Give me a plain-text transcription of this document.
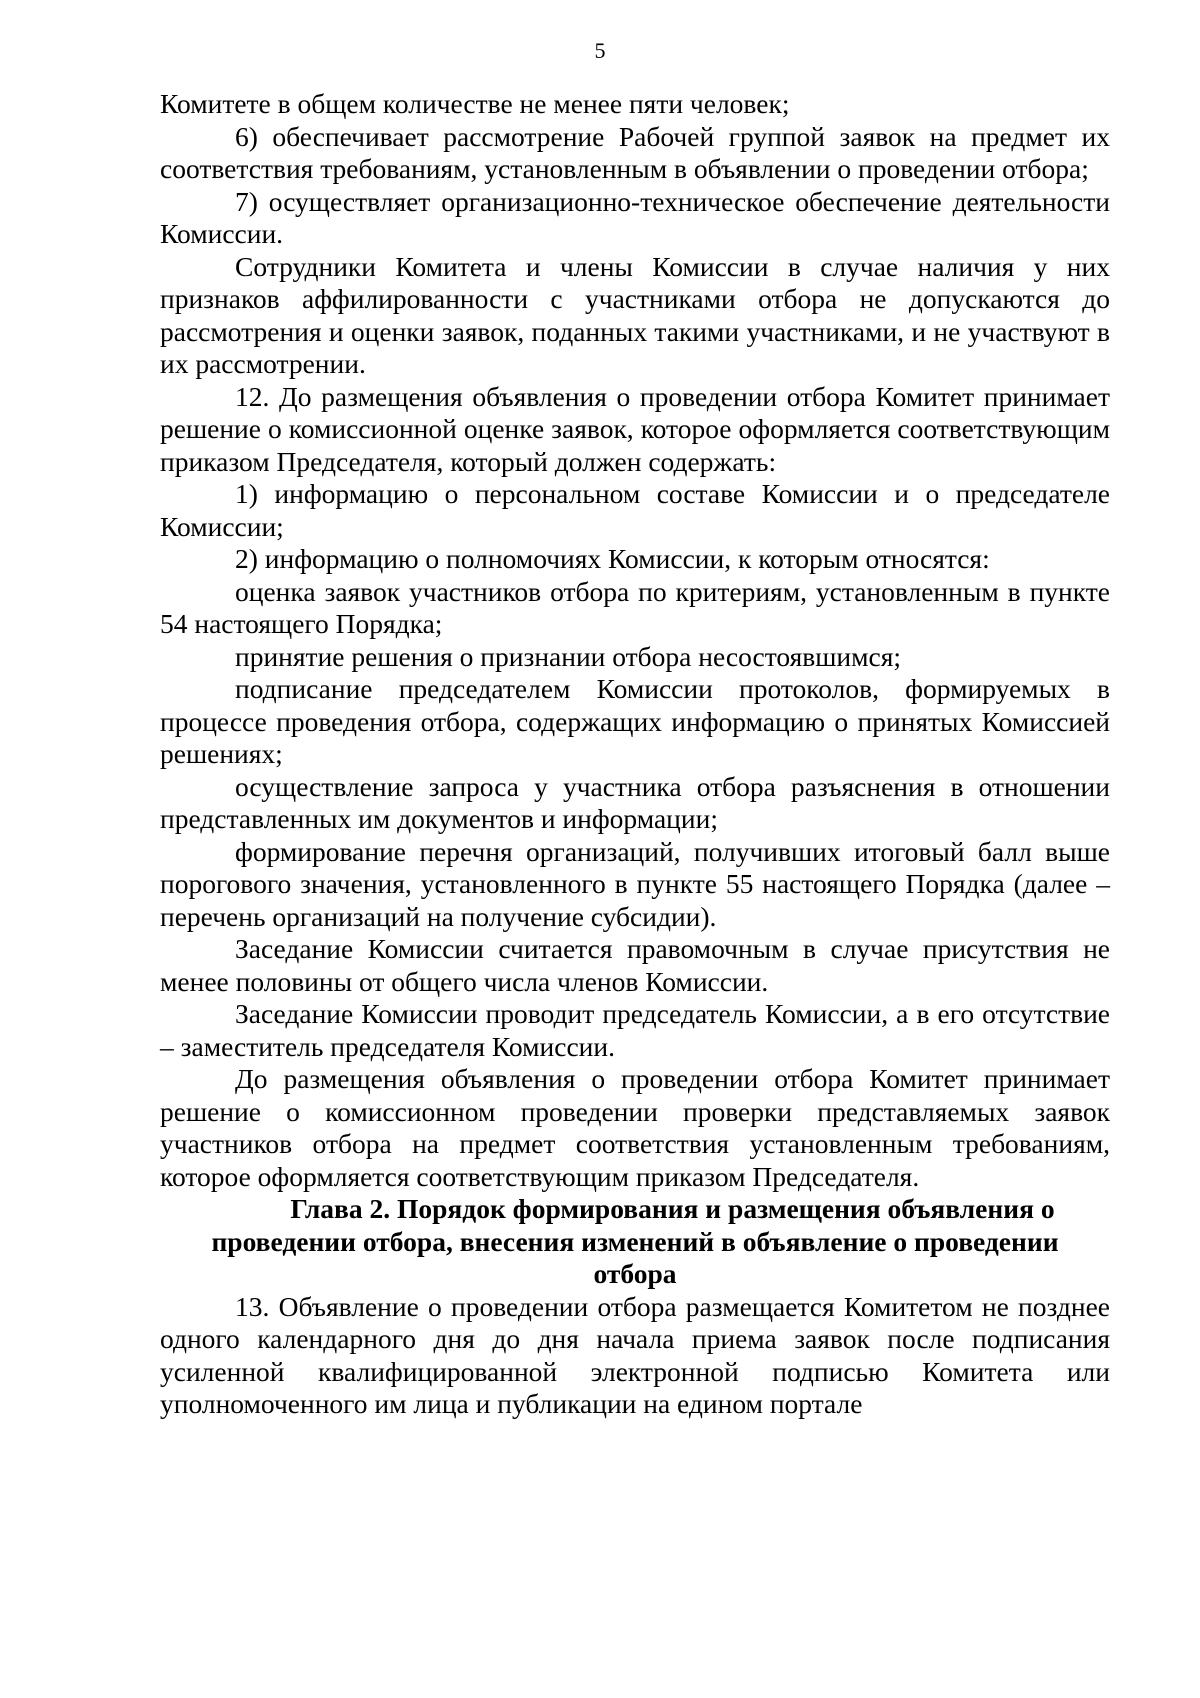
5

Комитете в общем количестве не менее пяти человек;

6) обеспечивает рассмотрение Рабочей группой заявок на предмет их соответствия требованиям, установленным в объявлении о проведении отбора;

7) осуществляет организационно-техническое обеспечение деятельности Комиссии.

Сотрудники Комитета и члены Комиссии в случае наличия у них признаков аффилированности с участниками отбора не допускаются до рассмотрения и оценки заявок, поданных такими участниками, и не участвуют в их рассмотрении.

12. До размещения объявления о проведении отбора Комитет принимает решение о комиссионной оценке заявок, которое оформляется соответствующим приказом Председателя, который должен содержать:

1) информацию о персональном составе Комиссии и о председателе Комиссии;

2) информацию о полномочиях Комиссии, к которым относятся:

оценка заявок участников отбора по критериям, установленным в пункте 54 настоящего Порядка;

принятие решения о признании отбора несостоявшимся;

подписание председателем Комиссии протоколов, формируемых в процессе проведения отбора, содержащих информацию о принятых Комиссией решениях;

осуществление запроса у участника отбора разъяснения в отношении представленных им документов и информации;

формирование перечня организаций, получивших итоговый балл выше порогового значения, установленного в пункте 55 настоящего Порядка (далее – перечень организаций на получение субсидии).

Заседание Комиссии считается правомочным в случае присутствия не менее половины от общего числа членов Комиссии.

Заседание Комиссии проводит председатель Комиссии, а в его отсутствие – заместитель председателя Комиссии.

До размещения объявления о проведении отбора Комитет принимает решение о комиссионном проведении проверки представляемых заявок участников отбора на предмет соответствия установленным требованиям, которое оформляется соответствующим приказом Председателя.

Глава 2. Порядок формирования и размещения объявления о проведении отбора, внесения изменений в объявление о проведении отбора

13. Объявление о проведении отбора размещается Комитетом не позднее одного календарного дня до дня начала приема заявок после подписания усиленной квалифицированной электронной подписью Комитета или уполномоченного им лица и публикации на едином портале
